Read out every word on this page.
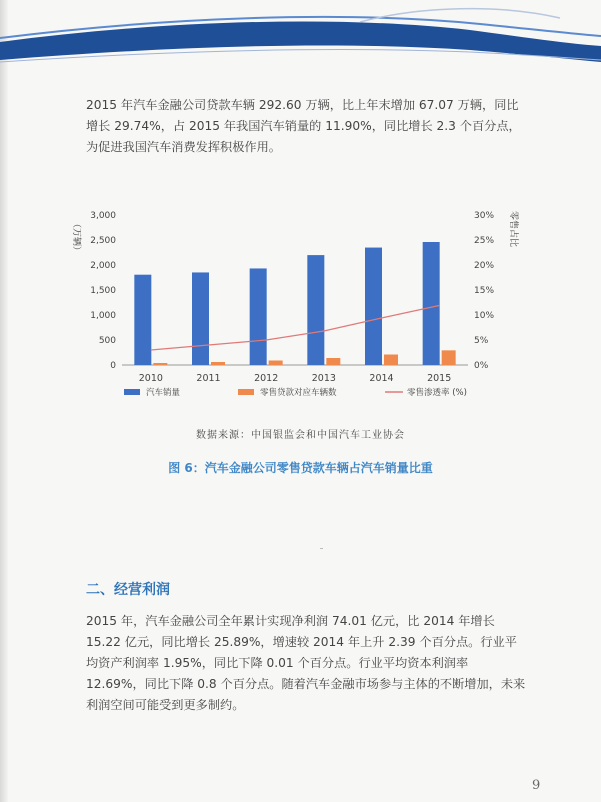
2015 年汽车金融公司贷款车辆 292.60 万辆，比上年末增加 67.07 万辆，同比增长 29.74%，占 2015 年我国汽车销量的 11.90%，同比增长 2.3 个百分点，为促进我国汽车消费发挥积极作用。

0
500
1,000
1,500
2,000
2,500
3,000
0%
5%
10%
15%
20%
25%
30%
（万辆）	零售占比
2010	2011	2012	2013	2014	2015
汽车销量	零售贷款对应车辆数	零售渗透率 (%)
数据来源：中国银监会和中国汽车工业协会
图 6：汽车金融公司零售贷款车辆占汽车销量比重
二、经营利润

2015 年，汽车金融公司全年累计实现净利润 74.01 亿元，比 2014 年增长 15.22 亿元，同比增长 25.89%，增速较 2014 年上升 2.39 个百分点。行业平均资产利润率 1.95%，同比下降 0.01 个百分点。行业平均资本利润率 12.69%，同比下降 0.8 个百分点。随着汽车金融市场参与主体的不断增加，未来利润空间可能受到更多制约。

9
